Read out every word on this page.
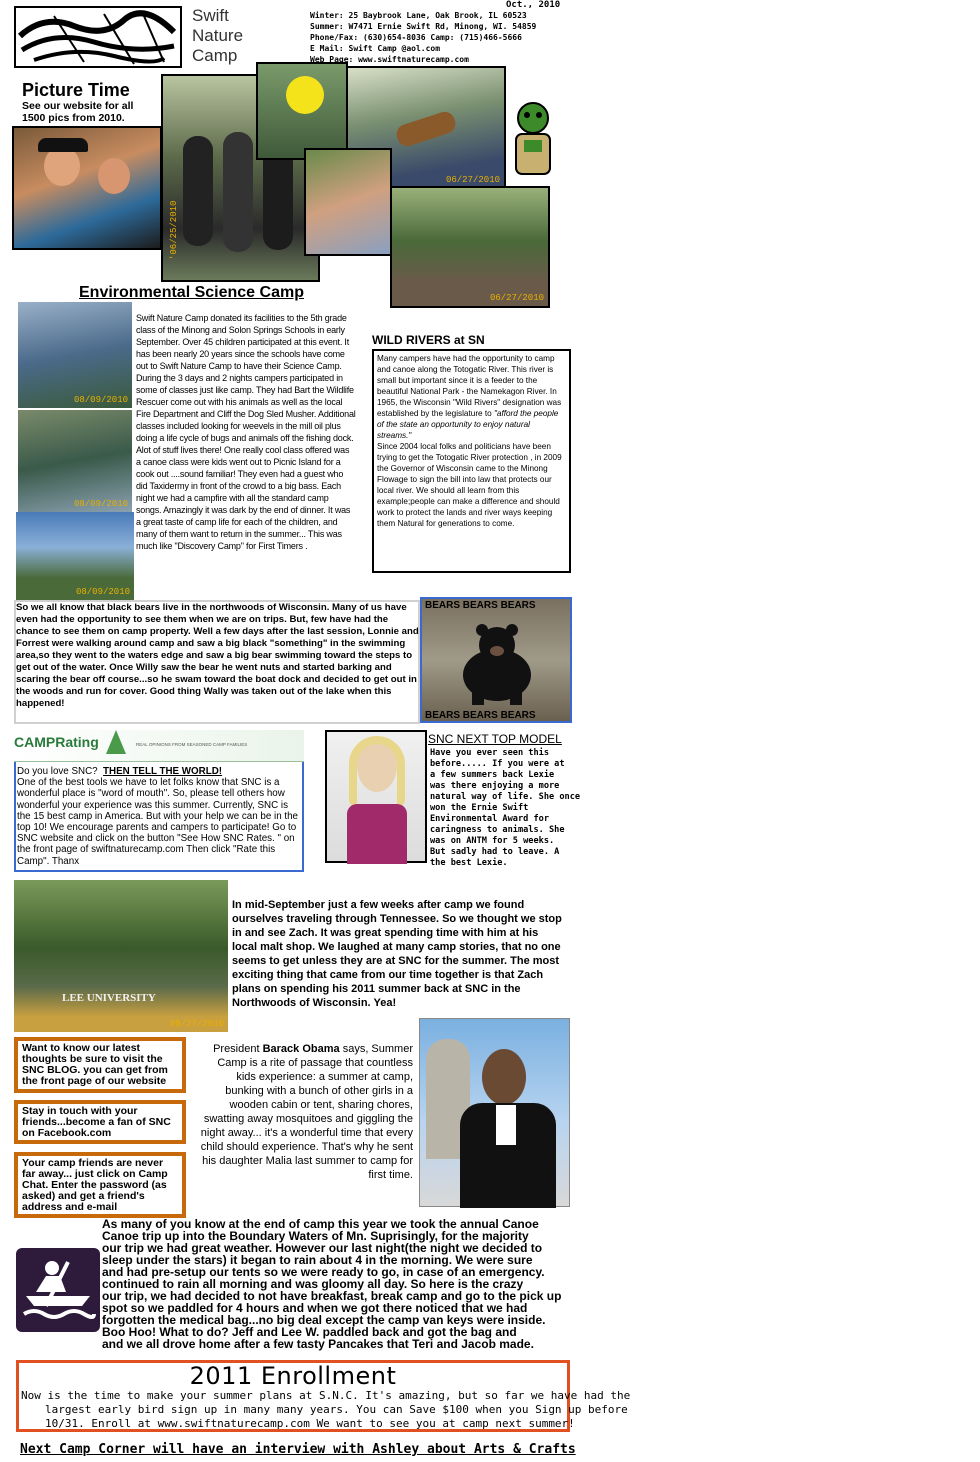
Swift
Nature
Camp
Oct., 2010
Winter: 25 Baybrook Lane, Oak Brook, IL 60523
Summer: W7471 Ernie Swift Rd, Minong, WI. 54859
Phone/Fax: (630)654-8036 Camp: (715)466-5666
E Mail: Swift Camp @aol.com
Web Page: www.swiftnaturecamp.com
Picture Time
See our website for all 1500 pics from 2010.
'06/25/2010
06/27/2010
06/27/2010
Environmental Science Camp
08/09/2010
08/09/2010
08/09/2010
Swift Nature Camp donated its facilities to the 5th grade class of the Minong and Solon Springs Schools in early September. Over 45 children participated at this event. It has been nearly 20 years since the schools have come out to Swift Nature Camp to have their Science Camp. During the 3 days and 2 nights campers participated in some of classes just like camp. They had Bart the Wildlife Rescuer come out with his animals as well as the local Fire Department and Cliff the Dog Sled Musher. Additional classes included looking for weevels in the mill oil plus doing a life cycle of bugs and animals off the fishing dock. Alot of stuff lives there! One really cool class offered was a canoe class were kids went out to Picnic Island for a cook out ....sound familiar! They even had a guest who did Taxidermy in front of the crowd to a big bass. Each night we had a campfire with all the standard camp songs. Amazingly it was dark by the end of dinner. It was a great taste of camp life for each of the children, and many of them want to return in the summer... This was much like "Discovery Camp" for First Timers .
WILD RIVERS at SN
Many campers have had the opportunity to camp and canoe along the Totogatic River. This river is small but important since it is a feeder to the beautiful National Park - the Namekagon River. In 1965, the Wisconsin "Wild Rivers" designation was established by the legislature to "afford the people of the state an opportunity to enjoy natural streams."
Since 2004 local folks and politicians have been trying to get the Totogatic River protection , in 2009 the Governor of Wisconsin came to the Minong Flowage to sign the bill into law that protects our local river. We should all learn from this example;people can make a difference and should work to protect the lands and river ways keeping them Natural for generations to come.
So we all know that black bears live in the northwoods of Wisconsin. Many of us have even had the opportunity to see them when we are on trips. But, few have had the chance to see them on camp property. Well a few days after the last session, Lonnie and Forrest were walking around camp and saw a big black "something" in the swimming area,so they went to the waters edge and saw a big bear swimming toward the steps to get out of the water. Once Willy saw the bear he went nuts and started barking and scaring the bear off course...so he swam toward the boat dock and decided to get out in the woods and run for cover. Good thing Wally was taken out of the lake when this happened!
BEARS BEARS BEARS
BEARS BEARS BEARS
CAMPRating	REAL OPINIONS FROM SEASONED CAMP FAMILIES
Do you love SNC? THEN TELL THE WORLD!
One of the best tools we have to let folks know that SNC is a wonderful place is "word of mouth". So, please tell others how wonderful your experience was this summer. Currently, SNC is the 15 best camp in America. But with your help we can be in the top 10! We encourage parents and campers to participate! Go to SNC website and click on the button "See How SNC Rates. " on the front page of swiftnaturecamp.com Then click "Rate this Camp". Thanx
SNC NEXT TOP MODEL
Have you ever seen this
before..... If you were at
a few summers back Lexie
was there enjoying a more
natural way of life. She once
won the Ernie Swift
Environmental Award for
caringness to animals. She
was on ANTM for 5 weeks.
But sadly had to leave. A
the best Lexie.
LEE UNIVERSITY
08/27/2010
In mid-September just a few weeks after camp we found ourselves traveling through Tennessee. So we thought we stop in and see Zach. It was great spending time with him at his local malt shop. We laughed at many camp stories, that no one seems to get unless they are at SNC for the summer. The most exciting thing that came from our time together is that Zach plans on spending his 2011 summer back at SNC in the Northwoods of Wisconsin. Yea!
Want to know our latest thoughts be sure to visit the SNC BLOG. you can get from the front page of our website
Stay in touch with your friends...become a fan of SNC on Facebook.com
Your camp friends are never far away... just click on Camp Chat. Enter the password (as asked) and get a friend's address and e-mail
President Barack Obama says, Summer Camp is a rite of passage that countless kids experience: a summer at camp, bunking with a bunch of other girls in a wooden cabin or tent, sharing chores, swatting away mosquitoes and giggling the night away... it's a wonderful time that every child should experience. That's why he sent his daughter Malia last summer to camp for first time.
As many of you know at the end of camp this year we took the annual Canoe
Canoe trip up into the Boundary Waters of Mn. Suprisingly, for the majority
our trip we had great weather. However our last night(the night we decided to
sleep under the stars) it began to rain about 4 in the morning. We were sure
and had pre-setup our tents so we were ready to go, in case of an emergency.
continued to rain all morning and was gloomy all day. So here is the crazy
our trip, we had decided to not have breakfast, break camp and go to the pick up
spot so we paddled for 4 hours and when we got there noticed that we had
forgotten the medical bag...no big deal except the camp van keys were inside.
Boo Hoo! What to do? Jeff and Lee W. paddled back and got the bag and
and we all drove home after a few tasty Pancakes that Teri and Jacob made.
2011 Enrollment
Now is the time to make your summer plans at S.N.C. It's amazing, but so far we have had the
largest early bird sign up in many many years. You can Save $100 when you Sign up before
10/31. Enroll at www.swiftnaturecamp.com We want to see you at camp next summer!
Next Camp Corner will have an interview with Ashley about Arts & Crafts
